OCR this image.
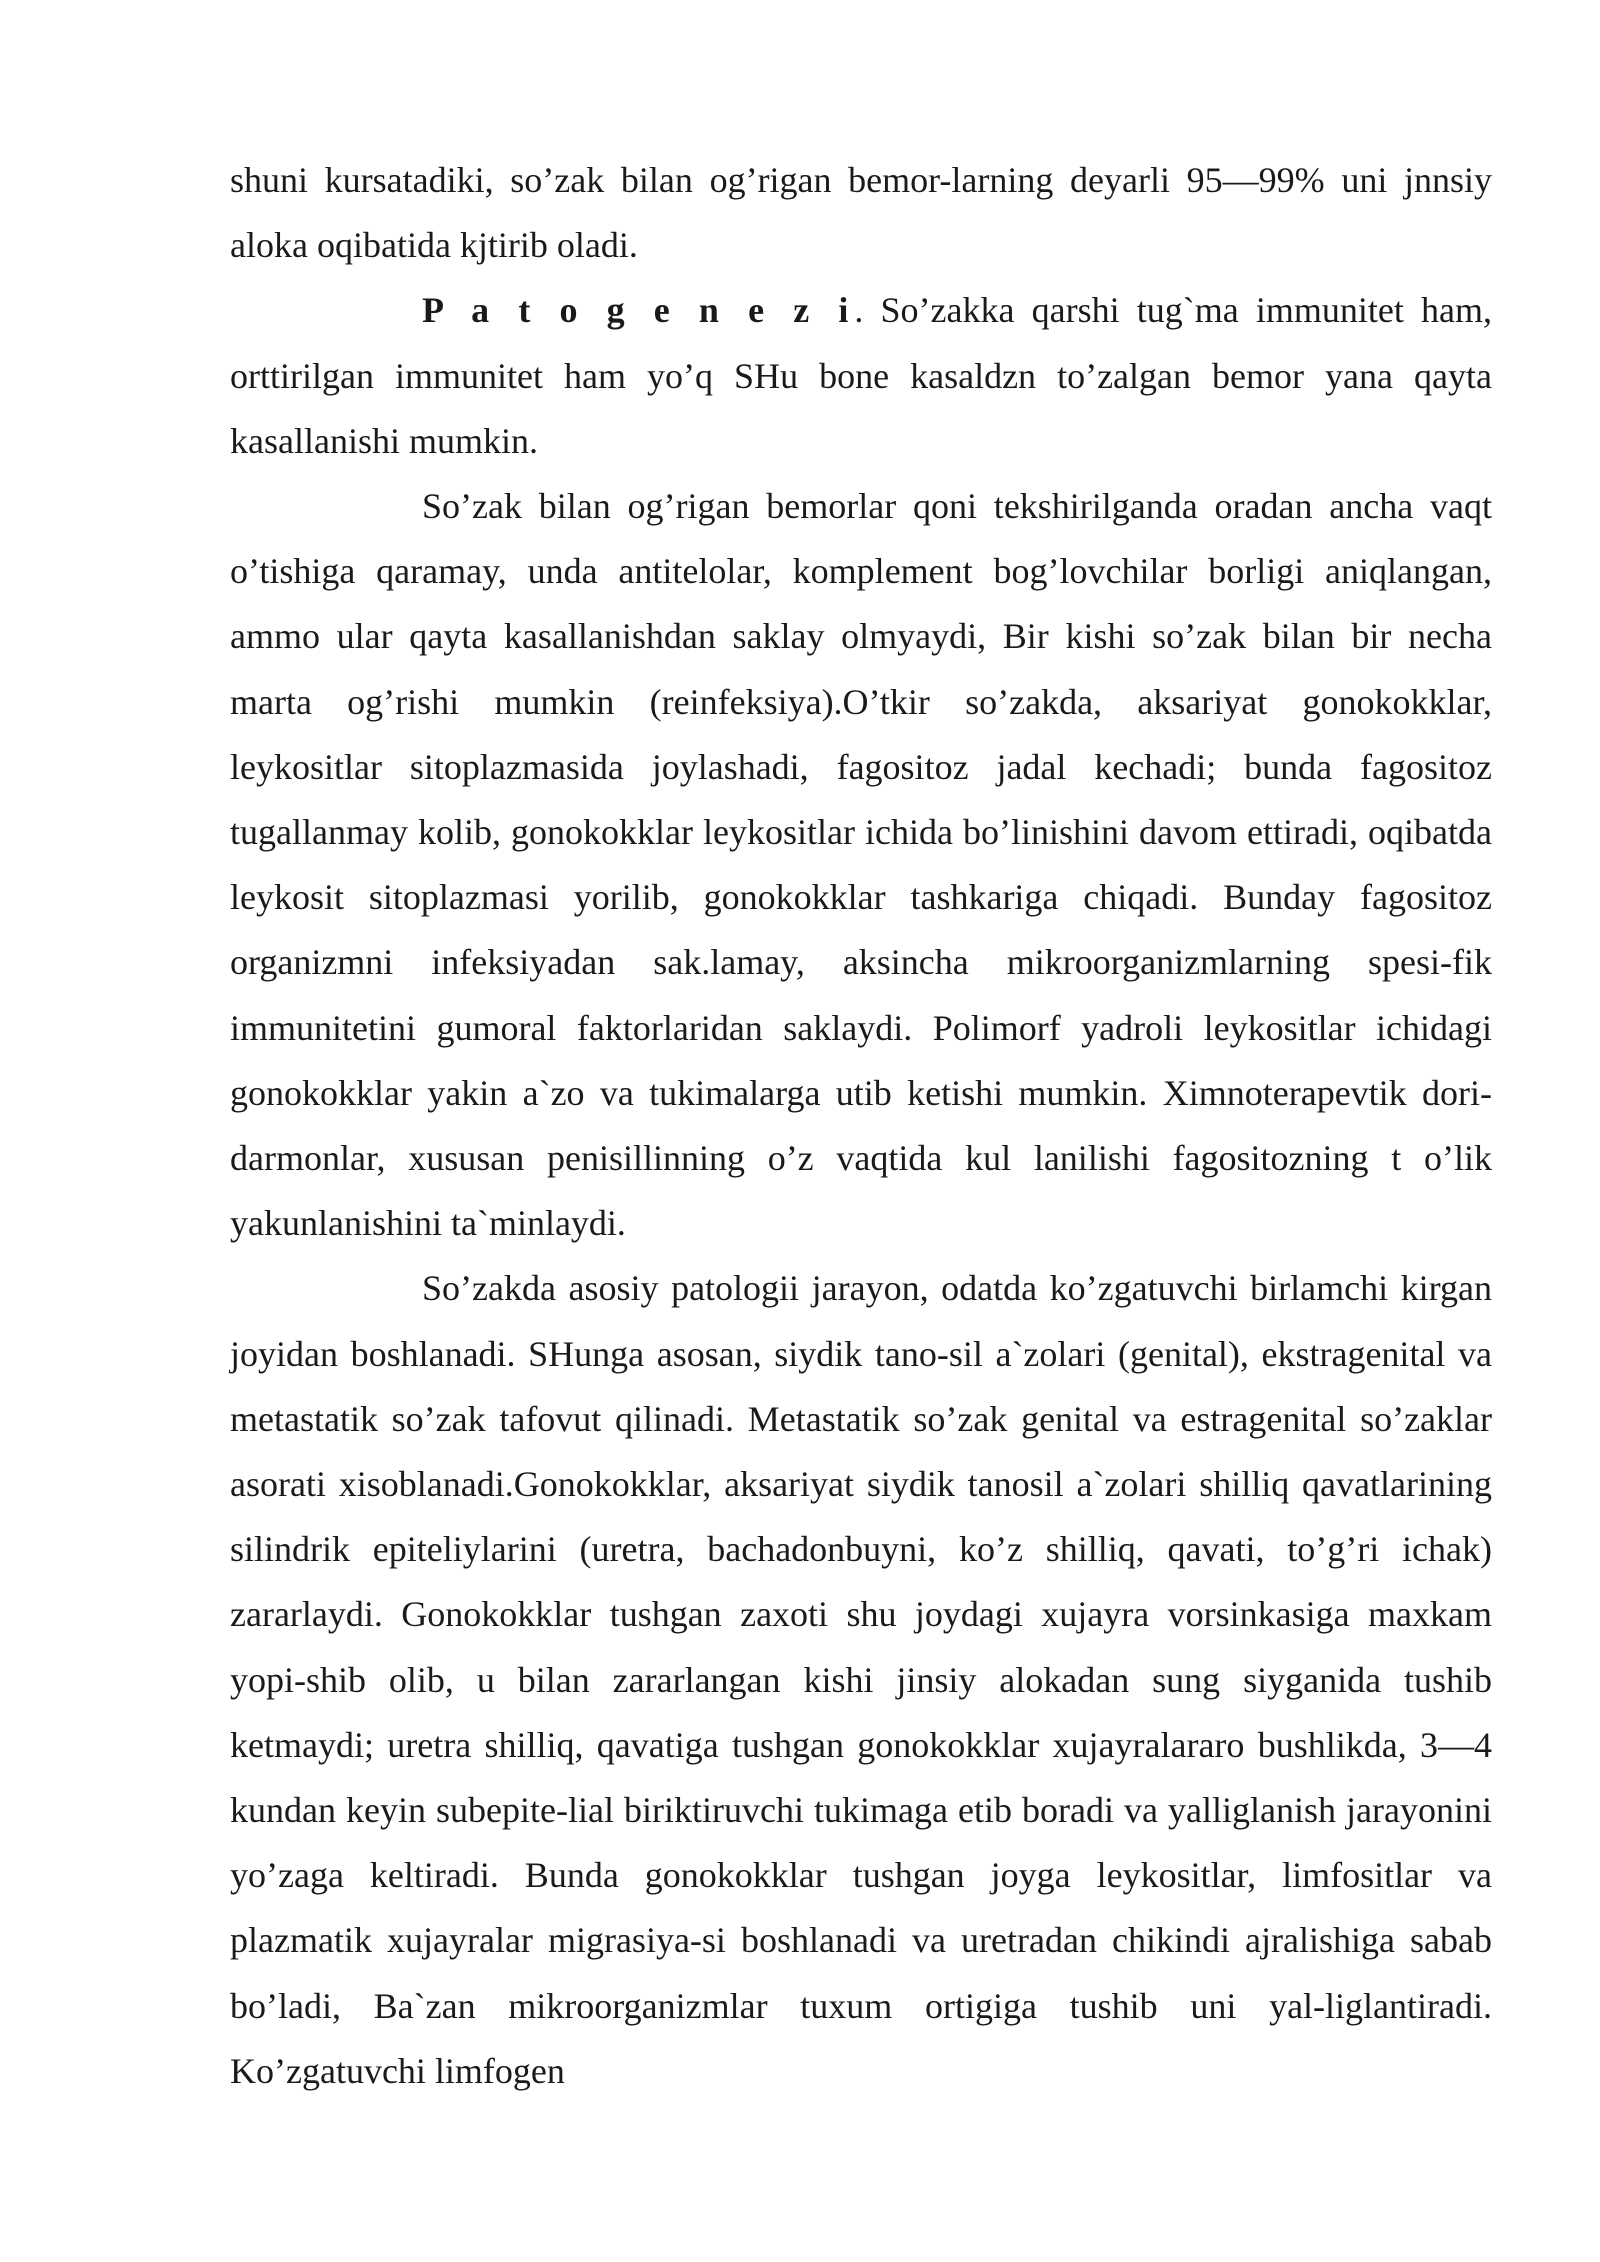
shuni kursatadiki, so’zak bilan og’rigan bemor-larning deyarli 95—99% uni jnnsiy aloka oqibatida kjtirib oladi.

P a t o g e n e z i. So’zakka qarshi tug`ma immunitet ham, orttirilgan immunitet ham yo’q SHu bone kasaldzn to’zalgan bemor yana qayta kasallanishi mumkin.

So’zak bilan og’rigan bemorlar qoni tekshirilganda oradan ancha vaqt o’tishiga qaramay, unda antitelolar, komplement bog’lovchilar borligi aniqlangan, ammo ular qayta kasallanishdan saklay olmyaydi, Bir kishi so’zak bilan bir necha marta og’rishi mumkin (reinfeksiya).O’tkir so’zakda, aksariyat gonokokklar, leykositlar sitoplazmasida joylashadi, fagositoz jadal kechadi; bunda fagositoz tugallanmay kolib, gonokokklar leykositlar ichida bo’linishini davom ettiradi, oqibatda leykosit sitoplazmasi yorilib, gonokokklar tashkariga chiqadi. Bunday fagositoz organizmni infeksiyadan sak.lamay, aksincha mikroorganizmlarning spesi-fik immunitetini gumoral faktorlaridan saklaydi. Polimorf yadroli leykositlar ichidagi gonokokklar yakin a`zo va tukimalarga utib ketishi mumkin. Ximnoterapevtik dori-darmonlar, xususan penisillinning o’z vaqtida kul lanilishi fagositozning t o’lik yakunlanishini ta`minlaydi.

So’zakda asosiy patologii jarayon, odatda ko’zgatuvchi birlamchi kirgan joyidan boshlanadi. SHunga asosan, siydik tano-sil a`zolari (genital), ekstragenital va metastatik so’zak tafovut qilinadi. Metastatik so’zak genital va estragenital so’zaklar asorati xisoblanadi.Gonokokklar, aksariyat siydik tanosil a`zolari shilliq qavatlarining silindrik epiteliylarini (uretra, bachadonbuyni, ko’z shilliq, qavati, to’g’ri ichak) zararlaydi. Gonokokklar tushgan zaxoti shu joydagi xujayra vorsinkasiga maxkam yopi-shib olib, u bilan zararlangan kishi jinsiy alokadan sung siyganida tushib ketmaydi; uretra shilliq, qavatiga tushgan gonokokklar xujayralararo bushlikda, 3—4 kundan keyin subepite-lial biriktiruvchi tukimaga etib boradi va yalliglanish jarayonini yo’zaga keltiradi. Bunda gonokokklar tushgan joyga leykositlar, limfositlar va plazmatik xujayralar migrasiya-si boshlanadi va uretradan chikindi ajralishiga sabab bo’ladi, Ba`zan mikroorganizmlar tuxum ortigiga tushib uni yal-liglantiradi. Ko’zgatuvchi limfogen
